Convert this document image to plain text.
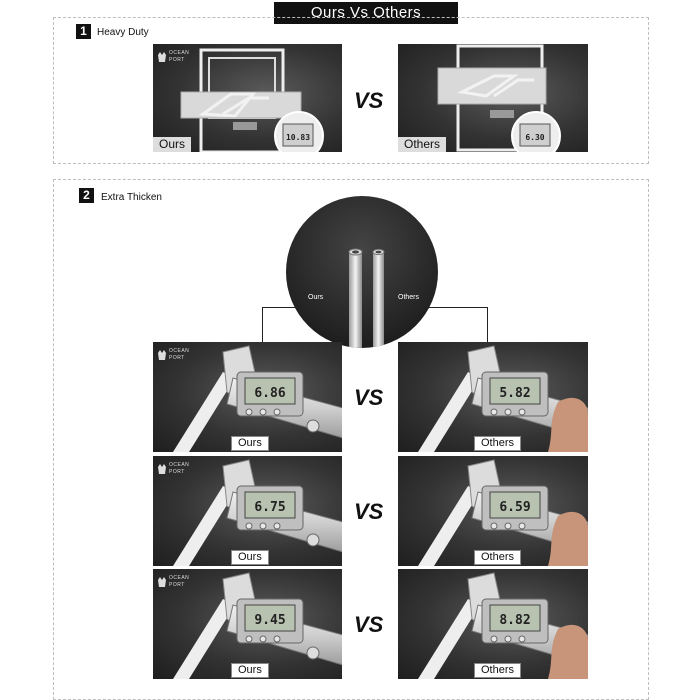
Ours Vs Others
1	Heavy Duty
OCEAN
PORT
10.83
Ours
VS
6.30
Others
2	Extra Thicken
Ours	Others
OCEAN
PORT
6.86
Ours
VS	5.82
Others
OCEAN
PORT
6.75
Ours
VS	6.59
Others
OCEAN
PORT
9.45
Ours
VS	8.82
Others
